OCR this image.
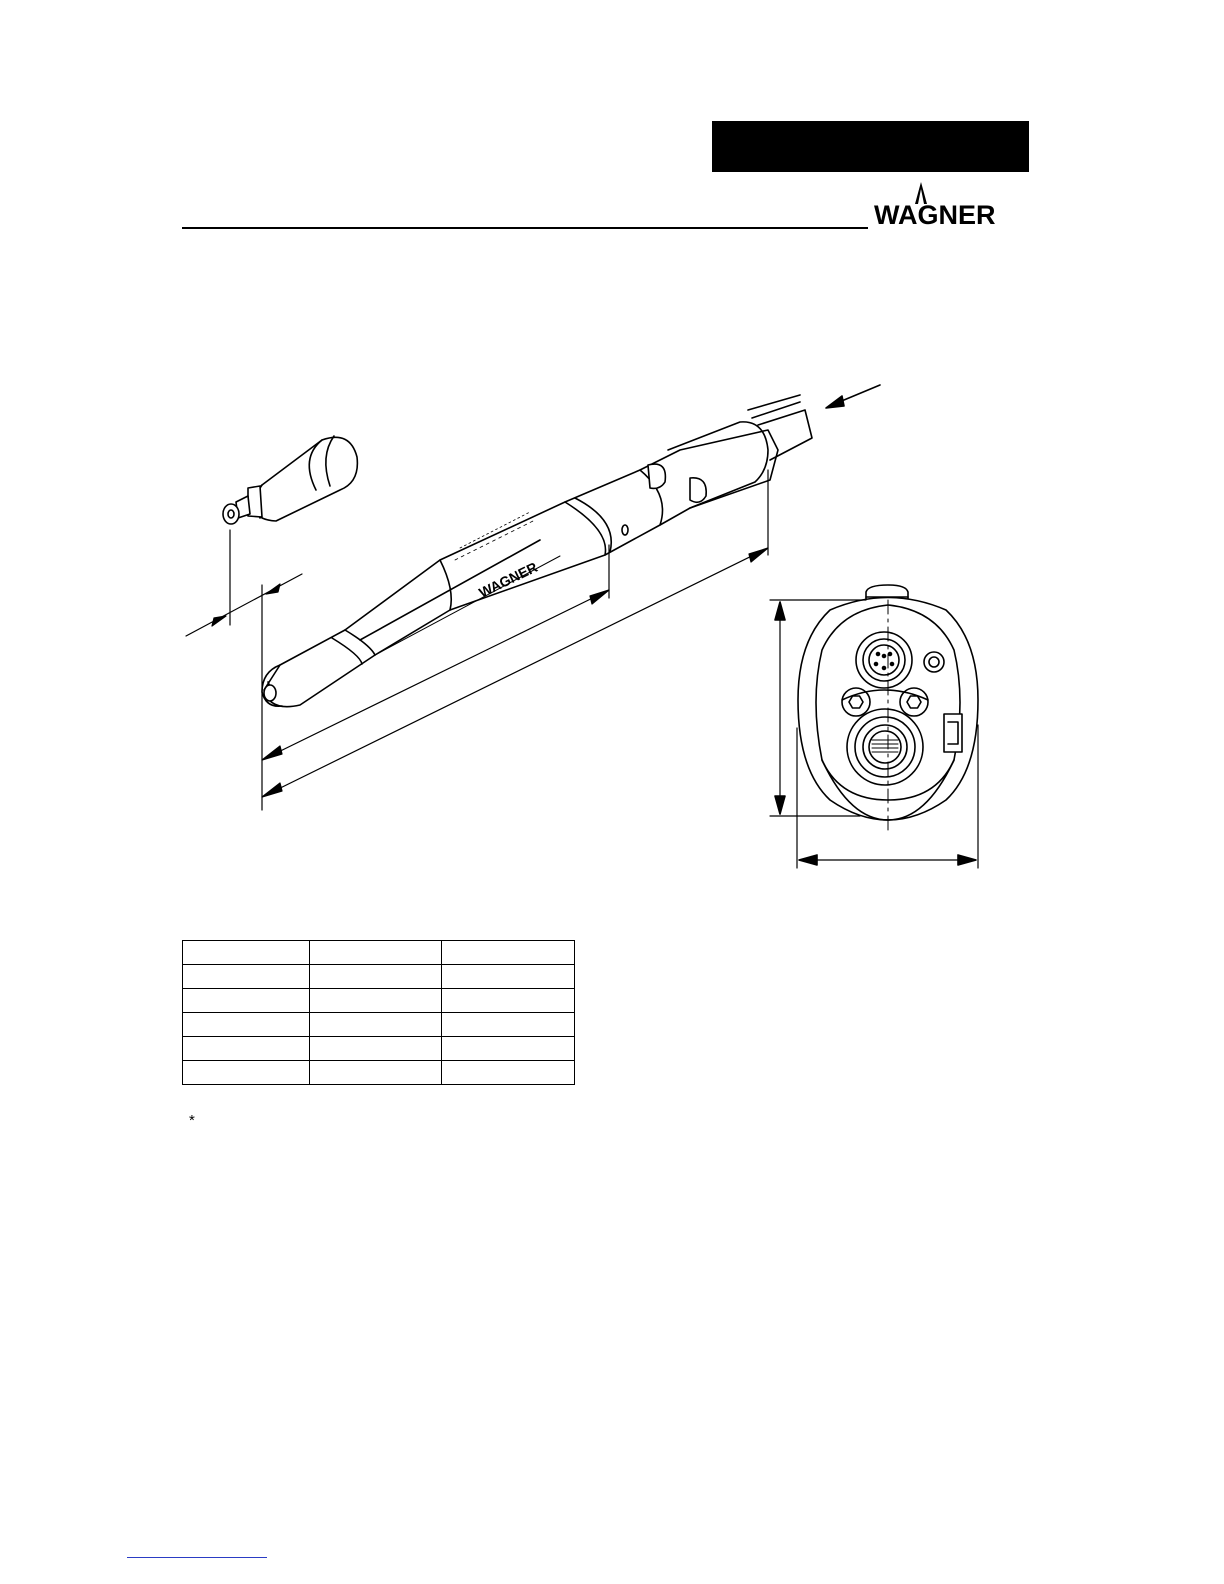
WAGNER
WAGNER

*
